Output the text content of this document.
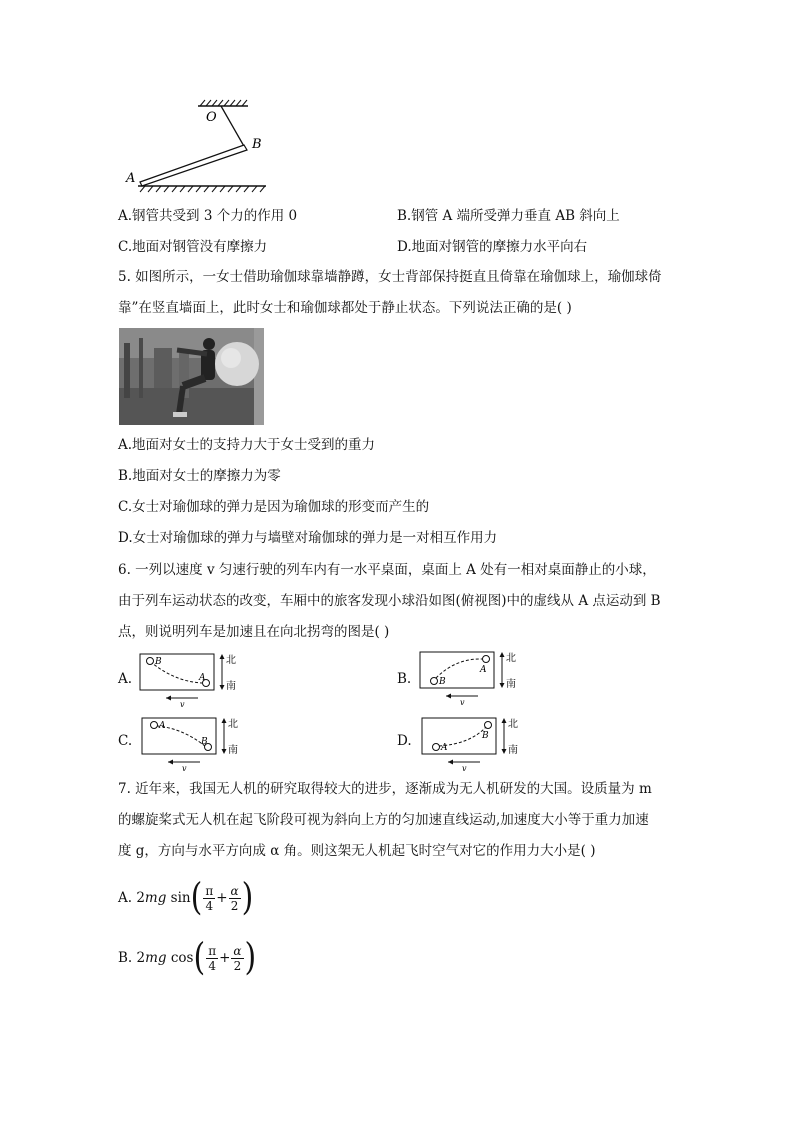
O
B
A
A.钢管共受到 3 个力的作用 0	B.钢管 A 端所受弹力垂直 AB 斜向上
C.地面对钢管没有摩擦力	D.地面对钢管的摩擦力水平向右
5. 如图所示，一女士借助瑜伽球靠墙静蹲，女士背部保持挺直且倚靠在瑜伽球上，瑜伽球倚
靠”在竖直墙面上，此时女士和瑜伽球都处于静止状态。下列说法正确的是( )
A.地面对女士的支持力大于女士受到的重力
B.地面对女士的摩擦力为零
C.女士对瑜伽球的弹力是因为瑜伽球的形变而产生的
D.女士对瑜伽球的弹力与墙壁对瑜伽球的弹力是一对相互作用力
6. 一列以速度 v 匀速行驶的列车内有一水平桌面，桌面上 A 处有一相对桌面静止的小球，
由于列车运动状态的改变，车厢中的旅客发现小球沿如图(俯视图)中的虚线从 A 点运动到 B
点，则说明列车是加速且在向北拐弯的图是( )
A.
B
A
v
北
南	B.
A
B
v
北
南
C.
A
B
v
北
南
D.	B
A
v
北
南
7. 近年来，我国无人机的研究取得较大的进步，逐渐成为无人机研发的大国。设质量为 m
的螺旋桨式无人机在起飞阶段可视为斜向上方的匀加速直线运动,加速度大小等于重力加速
度 g，方向与水平方向成 α 角。则这架无人机起飞时空气对它的作用力大小是( )
A. 2 mg
sin ( $\frac{\pi}{4} + \frac{\alpha}{2}$ )
B. 2 mg
cos ( $\frac{\pi}{4} + \frac{\alpha}{2}$ )
